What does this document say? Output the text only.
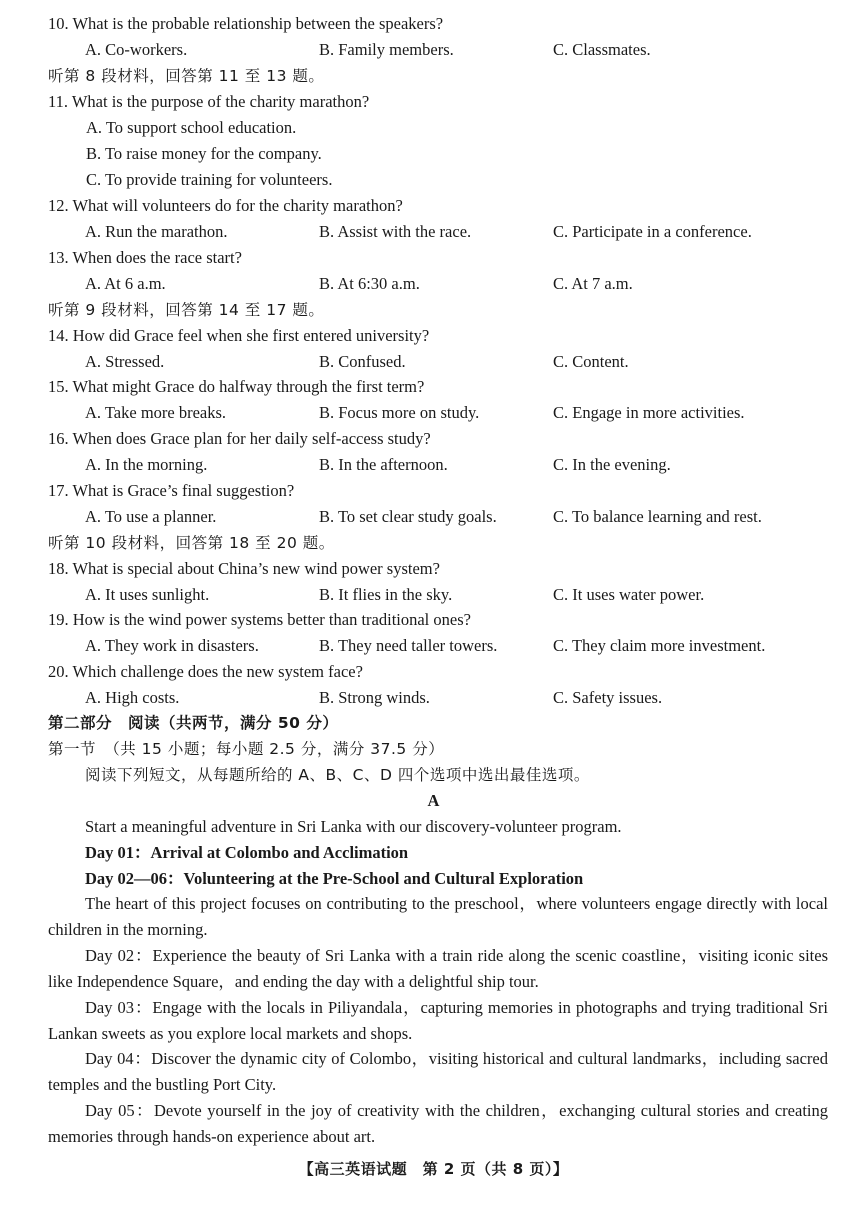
10. What is the probable relationship between the speakers?
A. Co-workers.	B. Family members.	C. Classmates.
听第 8 段材料，回答第 11 至 13 题。
11. What is the purpose of the charity marathon?
A. To support school education.
B. To raise money for the company.
C. To provide training for volunteers.
12. What will volunteers do for the charity marathon?
A. Run the marathon.	B. Assist with the race.	C. Participate in a conference.
13. When does the race start?
A. At 6 a.m.	B. At 6:30 a.m.	C. At 7 a.m.
听第 9 段材料，回答第 14 至 17 题。
14. How did Grace feel when she first entered university?
A. Stressed.	B. Confused.	C. Content.
15. What might Grace do halfway through the first term?
A. Take more breaks.	B. Focus more on study.	C. Engage in more activities.
16. When does Grace plan for her daily self-access study?
A. In the morning.	B. In the afternoon.	C. In the evening.
17. What is Grace’s final suggestion?
A. To use a planner.	B. To set clear study goals.	C. To balance learning and rest.
听第 10 段材料，回答第 18 至 20 题。
18. What is special about China’s new wind power system?
A. It uses sunlight.	B. It flies in the sky.	C. It uses water power.
19. How is the wind power systems better than traditional ones?
A. They work in disasters.	B. They need taller towers.	C. They claim more investment.
20. Which challenge does the new system face?
A. High costs.	B. Strong winds.	C. Safety issues.
第二部分　阅读（共两节，满分 50 分）
第一节　（共 15 小题；每小题 2.5 分，满分 37.5 分）
阅读下列短文，从每题所给的 A、B、C、D 四个选项中选出最佳选项。
A
Start a meaningful adventure in Sri Lanka with our discovery-volunteer program.
Day 01：Arrival at Colombo and Acclimation
Day 02—06：Volunteering at the Pre-School and Cultural Exploration
The heart of this project focuses on contributing to the preschool，where volunteers engage directly with local children in the morning.
Day 02：Experience the beauty of Sri Lanka with a train ride along the scenic coastline，visiting iconic sites like Independence Square，and ending the day with a delightful ship tour.
Day 03：Engage with the locals in Piliyandala，capturing memories in photographs and trying traditional Sri Lankan sweets as you explore local markets and shops.
Day 04：Discover the dynamic city of Colombo，visiting historical and cultural landmarks，including sacred temples and the bustling Port City.
Day 05：Devote yourself in the joy of creativity with the children，exchanging cultural stories and creating memories through hands-on experience about art.
【高三英语试题　第 2 页（共 8 页）】
